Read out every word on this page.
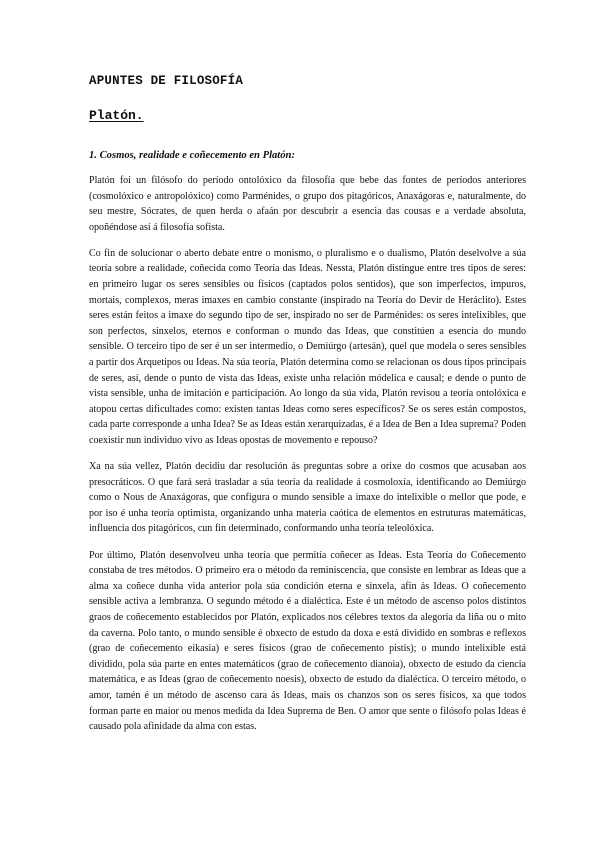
APUNTES DE FILOSOFÍA
Platón.
1. Cosmos, realidade e coñecemento en Platón:

Platón foi un filósofo do período ontolóxico da filosofía que bebe das fontes de períodos anteriores (cosmolóxico e antropolóxico) como Parménides, o grupo dos pitagóricos, Anaxágoras e, naturalmente, do seu mestre, Sócrates, de quen herda o afaán por descubrir a esencia das cousas e a verdade absoluta, opoñéndose así á filosofía sofista.

Co fin de solucionar o aberto debate entre o monismo, o pluralismo e o dualismo, Platón deselvolve a súa teoría sobre a realidade, coñecida como Teoría das Ideas. Nessta, Platón distingue entre tres tipos de seres: en primeiro lugar os seres sensibles ou físicos (captados polos sentidos), que son imperfectos, impuros, mortais, complexos, meras imaxes en cambio constante (inspirado na Teoría do Devir de Heráclito). Estes seres están feitos a imaxe do segundo tipo de ser, inspirado no ser de Parménides: os seres intelixibles, que son perfectos, sinxelos, eternos e conforman o mundo das Ideas, que constitúen a esencia do mundo sensible. O terceiro tipo de ser é un ser intermedio, o Demiúrgo (artesán), quel que modela o seres sensibles a partir dos Arquetipos ou Ideas. Na súa teoría, Platón determina como se relacionan os dous tipos principais de seres, así, dende o punto de vista das Ideas, existe unha relación módelica e causal; e dende o punto de vista sensible, unha de imitación e participación. Ao longo da súa vida, Platón revisou a teoría ontolóxica e atopou certas dificultades como: existen tantas Ideas como seres específicos? Se os seres están compostos, cada parte corresponde a unha Idea? Se as Ideas están xerarquizadas, é a Idea de Ben a Idea suprema? Poden coexistir nun individuo vivo as Ideas opostas de movemento e repouso?

Xa na súa vellez, Platón decidiu dar resolución ás preguntas sobre a orixe do cosmos que acusaban aos presocráticos. O que fará será trasladar a súa teoría da realidade á cosmoloxía, identificando ao Demiúrgo como o Nous de Anaxágoras, que configura o mundo sensible a imaxe do intelixible o mellor que pode, e por iso é unha teoría optimista, organizando unha materia caótica de elementos en estruturas matemáticas, influencia dos pitagóricos, cun fin determinado, conformando unha teoría teleolóxica.

Por último, Platón desenvolveu unha teoría que permitía coñecer as Ideas. Esta Teoría do Coñecemento constaba de tres métodos. O primeiro era o método da reminiscencia, que consiste en lembrar as Ideas que a alma xa coñece dunha vida anterior pola súa condición eterna e sinxela, afín ás Ideas. O coñecemento sensible activa a lembranza. O segundo método é a dialéctica. Este é un método de ascenso polos distintos graos de coñecemento establecidos por Platón, explicados nos célebres textos da alegoría da liña ou o mito da caverna. Polo tanto, o mundo sensible é obxecto de estudo da doxa e está dividido en sombras e reflexos (grao de coñecemento eikasia) e seres físicos (grao de coñecemento pistis); o mundo intelixible está dividido, pola súa parte en entes matemáticos (grao de coñecemento dianoia), obxecto de estudo da ciencia matemática, e as Ideas (grao de coñecemento noesis), obxecto de estudo da dialéctica. O terceiro método, o amor, tamén é un método de ascenso cara ás Ideas, mais os chanzos son os seres físicos, xa que todos forman parte en maior ou menos medida da Idea Suprema de Ben. O amor que sente o filósofo polas Ideas é causado pola afinidade da alma con estas.
